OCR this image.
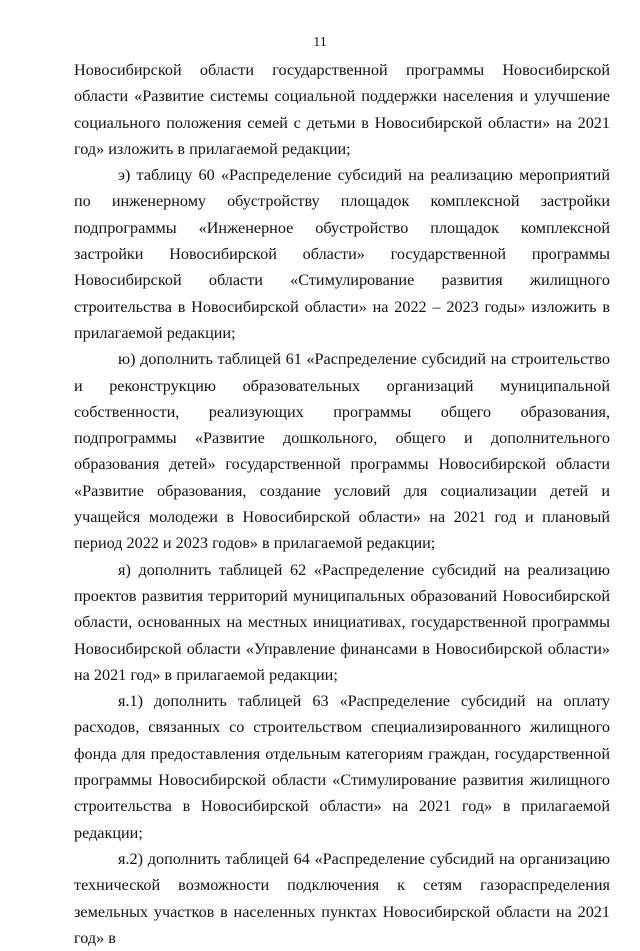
11

Новосибирской области государственной программы Новосибирской области «Развитие системы социальной поддержки населения и улучшение социального положения семей с детьми в Новосибирской области» на 2021 год» изложить в прилагаемой редакции;

э) таблицу 60 «Распределение субсидий на реализацию мероприятий по инженерному обустройству площадок комплексной застройки подпрограммы «Инженерное обустройство площадок комплексной застройки Новосибирской области» государственной программы Новосибирской области «Стимулирование развития жилищного строительства в Новосибирской области» на 2022 – 2023 годы» изложить в прилагаемой редакции;

ю) дополнить таблицей 61 «Распределение субсидий на строительство и реконструкцию образовательных организаций муниципальной собственности, реализующих программы общего образования, подпрограммы «Развитие дошкольного, общего и дополнительного образования детей» государственной программы Новосибирской области «Развитие образования, создание условий для социализации детей и учащейся молодежи в Новосибирской области» на 2021 год и плановый период 2022 и 2023 годов» в прилагаемой редакции;

я) дополнить таблицей 62 «Распределение субсидий на реализацию проектов развития территорий муниципальных образований Новосибирской области, основанных на местных инициативах, государственной программы Новосибирской области «Управление финансами в Новосибирской области» на 2021 год» в прилагаемой редакции;

я.1) дополнить таблицей 63 «Распределение субсидий на оплату расходов, связанных со строительством специализированного жилищного фонда для предоставления отдельным категориям граждан, государственной программы Новосибирской области «Стимулирование развития жилищного строительства в Новосибирской области» на 2021 год» в прилагаемой редакции;

я.2) дополнить таблицей 64 «Распределение субсидий на организацию технической возможности подключения к сетям газораспределения земельных участков в населенных пунктах Новосибирской области на 2021 год» в
